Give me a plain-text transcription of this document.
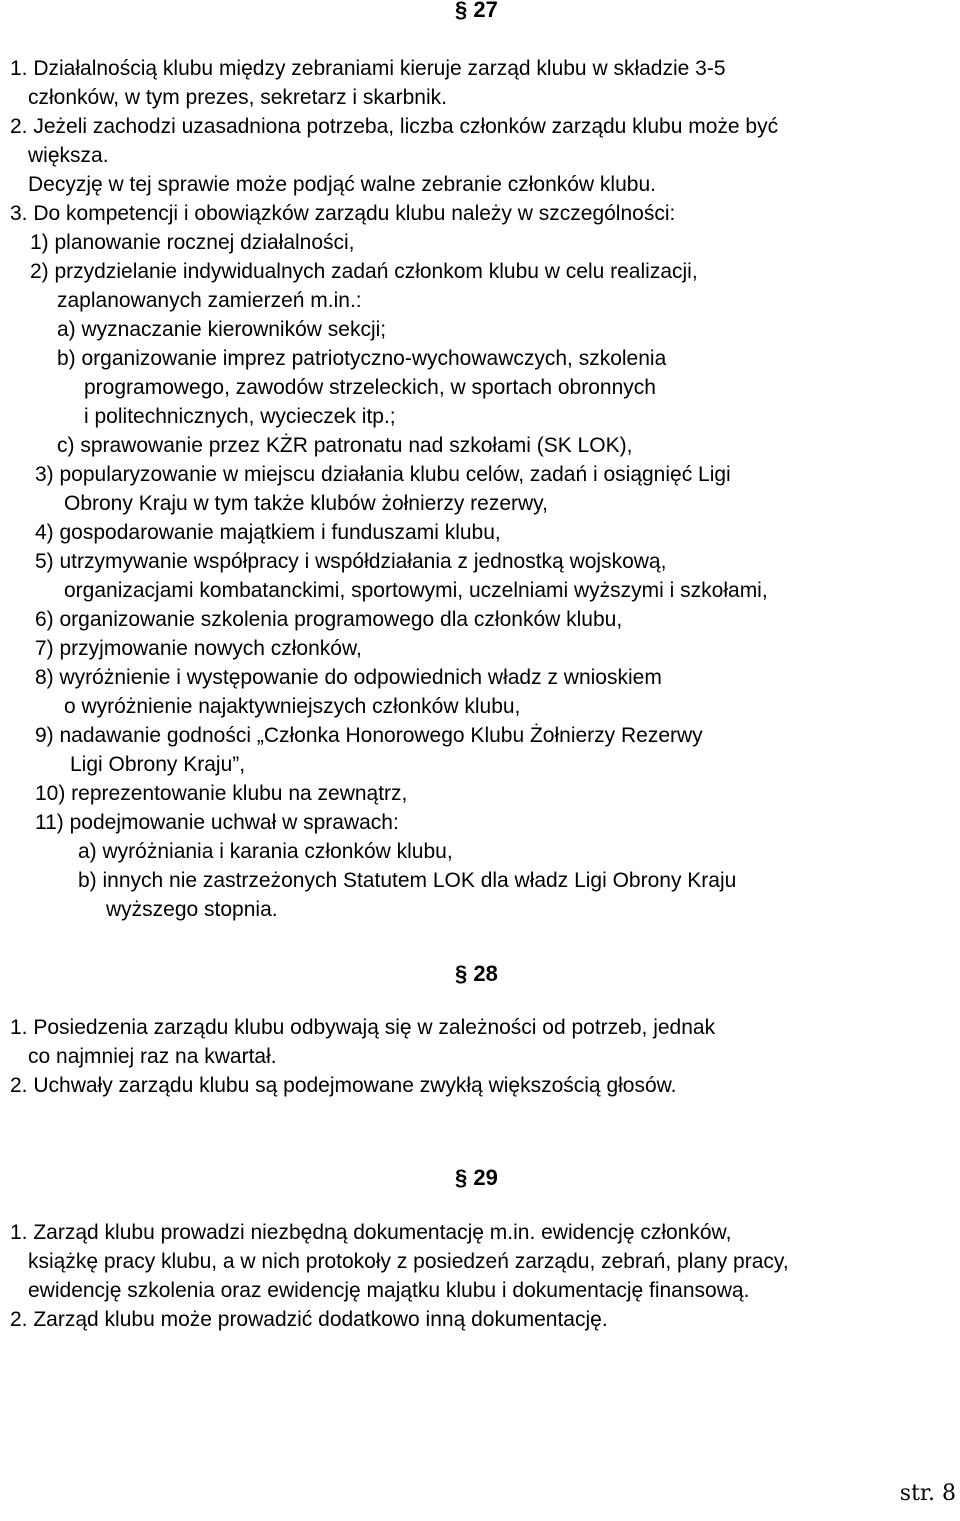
§ 27
1. Działalnością klubu między zebraniami kieruje zarząd klubu w składzie 3-5
członków, w tym prezes, sekretarz i skarbnik.
2. Jeżeli zachodzi uzasadniona potrzeba, liczba członków zarządu klubu może być
większa.
Decyzję w tej sprawie może podjąć walne zebranie członków klubu.
3. Do kompetencji i obowiązków zarządu klubu należy w szczególności:
1) planowanie rocznej działalności,
2) przydzielanie indywidualnych zadań członkom klubu w celu realizacji,
zaplanowanych zamierzeń m.in.:
a) wyznaczanie kierowników sekcji;
b) organizowanie imprez patriotyczno-wychowawczych, szkolenia
programowego, zawodów strzeleckich, w sportach obronnych
i politechnicznych, wycieczek itp.;
c) sprawowanie przez KŻR patronatu nad szkołami (SK LOK),
3) popularyzowanie w miejscu działania klubu celów, zadań i osiągnięć Ligi
Obrony Kraju w tym także klubów żołnierzy rezerwy,
4) gospodarowanie majątkiem i funduszami klubu,
5) utrzymywanie współpracy i współdziałania z jednostką wojskową,
organizacjami kombatanckimi, sportowymi, uczelniami wyższymi i szkołami,
6) organizowanie szkolenia programowego dla członków klubu,
7) przyjmowanie nowych członków,
8) wyróżnienie i występowanie do odpowiednich władz z wnioskiem
o wyróżnienie najaktywniejszych członków klubu,
9) nadawanie godności „Członka Honorowego Klubu Żołnierzy Rezerwy
Ligi Obrony Kraju”,
10) reprezentowanie klubu na zewnątrz,
11) podejmowanie uchwał w sprawach:
a) wyróżniania i karania członków klubu,
b) innych nie zastrzeżonych Statutem LOK dla władz Ligi Obrony Kraju
wyższego stopnia.
§ 28
1. Posiedzenia zarządu klubu odbywają się w zależności od potrzeb, jednak
co najmniej raz na kwartał.
2. Uchwały zarządu klubu są podejmowane zwykłą większością głosów.
§ 29
1. Zarząd klubu prowadzi niezbędną dokumentację m.in. ewidencję członków,
książkę pracy klubu, a w nich protokoły z posiedzeń zarządu, zebrań, plany pracy,
ewidencję szkolenia oraz ewidencję majątku klubu i dokumentację finansową.
2. Zarząd klubu może prowadzić dodatkowo inną dokumentację.
str. 8
